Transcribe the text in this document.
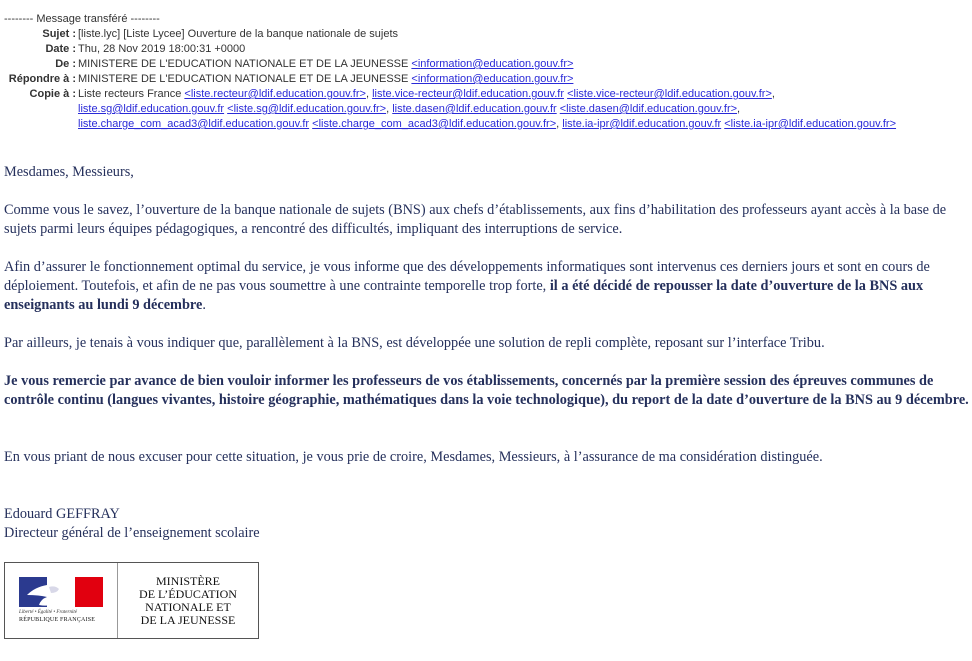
-------- Message transféré --------
Sujet : [liste.lyc] [Liste Lycee] Ouverture de la banque nationale de sujets
Date : Thu, 28 Nov 2019 18:00:31 +0000
De : MINISTERE DE L'EDUCATION NATIONALE ET DE LA JEUNESSE <information@education.gouv.fr>
Répondre à : MINISTERE DE L'EDUCATION NATIONALE ET DE LA JEUNESSE <information@education.gouv.fr>
Copie à : Liste recteurs France <liste.recteur@ldif.education.gouv.fr>, liste.vice-recteur@ldif.education.gouv.fr <liste.vice-recteur@ldif.education.gouv.fr>,
liste.sg@ldif.education.gouv.fr <liste.sg@ldif.education.gouv.fr>, liste.dasen@ldif.education.gouv.fr <liste.dasen@ldif.education.gouv.fr>,
liste.charge_com_acad3@ldif.education.gouv.fr <liste.charge_com_acad3@ldif.education.gouv.fr>, liste.ia-ipr@ldif.education.gouv.fr <liste.ia-ipr@ldif.education.gouv.fr>

Mesdames, Messieurs,

Comme vous le savez, l’ouverture de la banque nationale de sujets (BNS) aux chefs d’établissements, aux fins d’habilitation des professeurs ayant accès à la base de sujets parmi leurs équipes pédagogiques, a rencontré des difficultés, impliquant des interruptions de service.

Afin d’assurer le fonctionnement optimal du service, je vous informe que des développements informatiques sont intervenus ces derniers jours et sont en cours de déploiement. Toutefois, et afin de ne pas vous soumettre à une contrainte temporelle trop forte, il a été décidé de repousser la date d’ouverture de la BNS aux enseignants au lundi 9 décembre.

Par ailleurs, je tenais à vous indiquer que, parallèlement à la BNS, est développée une solution de repli complète, reposant sur l’interface Tribu.

Je vous remercie par avance de bien vouloir informer les professeurs de vos établissements, concernés par la première session des épreuves communes de contrôle continu (langues vivantes, histoire géographie, mathématiques dans la voie technologique), du report de la date d’ouverture de la BNS au 9 décembre.

En vous priant de nous excuser pour cette situation, je vous prie de croire, Mesdames, Messieurs, à l’assurance de ma considération distinguée.

Edouard GEFFRAY

Directeur général de l’enseignement scolaire

Liberté • Égalité • Fraternité
RÉPUBLIQUE FRANÇAISE
MINISTÈRE
DE L’ÉDUCATION
NATIONALE ET
DE LA JEUNESSE
